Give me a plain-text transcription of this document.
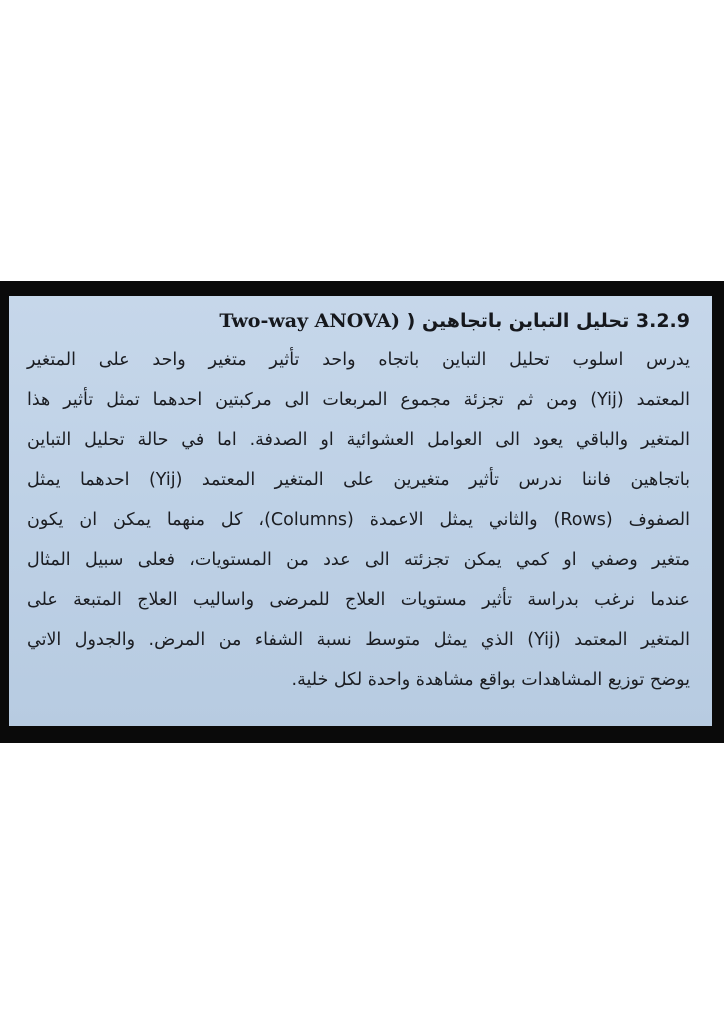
3.2.9 تحليل التباين باتجاهين ( Two-way ANOVA)
يدرس اسلوب تحليل التباين باتجاه واحد تأثير متغير واحد على المتغير
المعتمد (Yij) ومن ثم تجزئة مجموع المربعات الى مركبتين احدهما تمثل تأثير هذا
المتغير والباقي يعود الى العوامل العشوائية او الصدفة. اما في حالة تحليل التباين
باتجاهين فاننا ندرس تأثير متغيرين على المتغير المعتمد (Yij) احدهما يمثل
الصفوف (Rows) والثاني يمثل الاعمدة (Columns)، كل منهما يمكن ان يكون
متغير وصفي او كمي يمكن تجزئته الى عدد من المستويات، فعلى سبيل المثال
عندما نرغب بدراسة تأثير مستويات العلاج للمرضى واساليب العلاج المتبعة على
المتغير المعتمد (Yij) الذي يمثل متوسط نسبة الشفاء من المرض. والجدول الاتي
يوضح توزيع المشاهدات بواقع مشاهدة واحدة لكل خلية.
